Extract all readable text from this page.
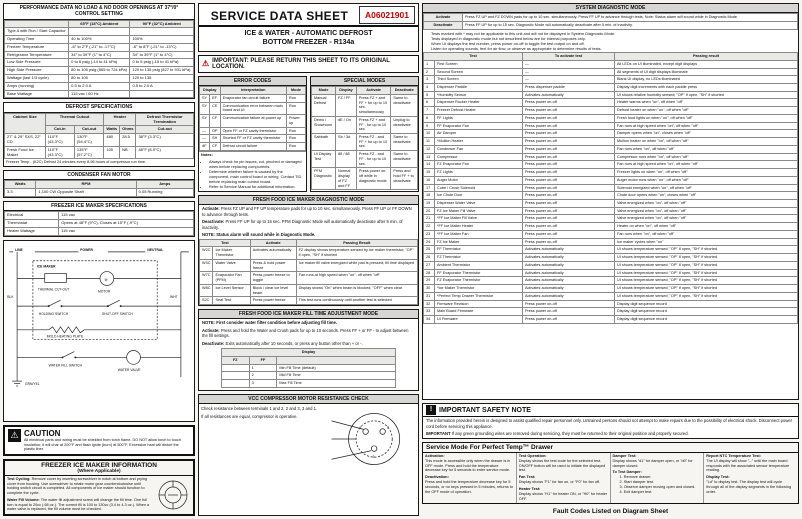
PERFORMANCE DATA NO LOAD & NO DOOR OPENINGS AT 37°/0°
CONTROL SETTING
	65°F (18°C) Ambient	90°F (32°C) Ambient
Type A with Run / Start Capacitor		
Operating Time	40 to 100%	100%
Freezer Temperature	-6° to 2°F (-21° to -17°C)	-6° to 8°F (-21° to -13°C)
Refrigerator Temperature	34° to 39°F (1° to 4°C)	34° to 39°F (1° to 4°C)
Low Side Pressure	0 to 6 psig (-14 to 41 kPa)	0 to 5 psig (-15 to 41 kPa)
High Side Pressure	80 to 105 psig (565 to 724 kPa)	120 to 135 psig (827 to 931 kPa)
Wattage (last 1/3 cycle)	80 to 105	120 to 135
Amps (running)	0.5 to 2.0 A	0.5 to 2.0 A
Base Wattage	115 vac / 60 Hz	
DEFROST SPECIFICATIONS
Cabinet Size	Thermal Cutout		Heater		Defrost Thermistor Termination
	Cut-in	Cut-out	Watts	Ohms	Cut-out
27" & 29" SXS, 22" CD	110°F (43.3°C)	130°F (54.4°C)	480	28.5	38°F (3.3°C)
Fresh Food Ice Maker	110°F (43.3°C)	135°F (57.2°C)	105	NB	48°F (8.9°C)
Freezer Temp - (K2C) Defrost 24 minutes every 8-96 hours of compressor run time.
CONDENSER FAN MOTOR
Watts	RPM	Amps
3.3	1,100 CW Opposite Shaft	0.05 Running
FREEZER ICE MAKER SPECIFICATIONS
Electrical	115 vac
Thermostat	Opens at 48°F (9°C), Closes at 15°F (-9°C)
Heater Wattage	115 vac
LINE	POWER	NEUTRAL
BLK	WHT
ICE MAKER
THERMAL CUT-OUT
M
MOTOR
HOLDING SWITCH	SHUT-OFF SWITCH
MOLD HEATING PLATE
WATER FILL SWITCH
WATER VALVE
GRN/YEL
⚠ CAUTION
All electrical parts and wiring must be shielded from torch flame. DO NOT allow torch to touch insulation; it will char at 200°F and flash ignite (burn) at 500°F. Excessive heat will distort the plastic liner.
FREEZER ICE MAKER INFORMATION
(Where Applicable)
Test Cycling: Remove cover by inserting screwdriver in notch at bottom and prying cover from housing. Use screwdriver to rotate motor gear counterclockwise until holding switch circuit is completed. All components of ice maker should function to complete the cycle.
Water Fill Volume: The water fill adjustment screw will change the fill time. One full turn is equal to 20cc (.68 oz.). The correct fill is 100 to 130cc (3.4 to 4.3 oz.). When a water valve is replaced, the fill volume must be checked.
SERVICE DATA SHEET	A06021901
ICE & WATER - AUTOMATIC DEFROST
BOTTOM FREEZER - R134a
⚠ IMPORTANT: PLEASE RETURN THIS SHEET TO ITS ORIGINAL LOCATION.
ERROR CODES
Display		Interpretation	Mode
SY	EF	Evaporator fan circuit failure	Run
SY	CE	Communication error between main board and UI	Run
SY	CF	Communication failure at power up	Power up
—	OP	Open FF or FZ cavity thermistor	Run
—	SH	Shorted FF or FZ cavity thermistor	Run
dF	CF	Defrost circuit failure	Run
Notes:
• Always check for pin issues, cut, pinched or damaged wires before replacing components.
• Determine whether failure is caused by the component, main control board or wiring. Contact TID before replacing main control board.
• Refer to Service Manual for additional information.
SPECIAL MODES
Mode	Display	Activate	Deactivate
Manual Defrost	FZ / FF	Press FZ + and FF + for up to 10 sec. simultaneously	Same to deactivate
Demo / Showroom	dE / On	Press FZ + and FF - for up to 10 sec.	Unplug to deactivate
Sabbath	Sb / 3d	Press FZ - and FF + for up to 10 sec.	Same to deactivate
UI Display Test	88 / 88	Press FZ - and FF - for up to 10 sec.	Same to deactivate
PFM Diagnostic	Normal display of FZ and FF	Press power on-off while in diagnostic mode	Press and hold FF + to deactivate
FRESH FOOD ICE MAKER DIAGNOSTIC MODE
Activate: Press FZ UP and FF UP temperature pads for up to 10 sec. simultaneously. Press FF UP or FF DOWN to advance through tests.
Deactivate: Press FF UP for up to 15 sec. PFM Diagnostic Mode will automatically deactivate after 5 min. of inactivity.
NOTE: Status alarm will sound while in Diagnostic Mode.
Test		Activate	Passing Result
W2C	Ice Maker Thermistor	Activates automatically	FZ display shows temperature sensed by ice maker thermistor; "OP" if open, "SH" if shorted
W3C	Water Valve	Press & hold power freeze	Ice maker fill valve energized while pad is pressed; fill time displayed
W7C	Evaporator Fan (PFM)	Press power freeze to toggle	Fan runs at high speed when "on", off when "off"
W8C	Ice Level Sensor	Block / clear ice level beam	Display shows "On" when beam is blocked, "OFF" when clear
S2C	Seal Test	Press power freeze	This test runs continuously until another test is selected
FRESH FOOD ICE MAKER FILL TIME ADJUSTMENT MODE
NOTE: First consider water filter condition before adjusting fill time.
Activate: Press and hold the Water and Crush pads for up to 10 seconds. Press FF + or FF - to adjust between the fill settings.
Deactivate: Exits automatically after 10 seconds, or press any button other than + or -.
Display		
FZ	FF	
	1	Min Fill Time (default)
	2	Mid Fill Time
	3	Max Fill Time
VCC COMPRESSOR MOTOR RESISTANCE CHECK
Check resistance between terminals 1 and 2, 2 and 3, 3 and 1.
If all resistances are equal, compressor is operative.
1	2
3
SYSTEM DIAGNOSTIC MODE
Activate	Press FZ UP and FZ DOWN pads for up to 10 sec. simultaneously. Press FF UP to advance through tests. Note: Status alarm will sound while in Diagnostic Mode.
Deactivate	Press FF UP for up to 15 sec. Diagnostic Mode will automatically deactivate after 5 min. of inactivity.
• Tests marked with * may not be applicable to this unit and will not be displayed in System Diagnostic Mode.
• Tests displayed in diagnostic mode but not described below are for internal purposes only.
• When UI displays the test number, press power on-off to toggle the test output on and off.
• Listen for operating sounds, feel for air flow, or observe as appropriate to determine results of tests.
Test		To activate test	Passing result
1	First Screen	—	All LEDs on UI illuminated, except digit displays
2	Second Screen	—	All segments of UI digit displays illuminate
3	Third Screen	—	Blank UI display, no LEDs illuminated
4	Dispenser Paddle	Press dispenser paddle	Display digit increments with each paddle press
5	*Humidity Sensor	Activates automatically	UI shows relative humidity sensed; "OP" if open, "SH" if shorted
6	Dispenser Rocker Heater	Press power on-off	Heater warms when "on", off when "off"
7	Freezer Defrost Heater	Press power on-off	Defrost heater on when "on", off when "off"
8	FF Lights	Press power on-off	Fresh food lights on when "on", off when "off"
9	FF Evaporator Fan	Press power on-off	Fan runs at high speed when "on", off when "off"
10	Air Damper	Press power on-off	Damper opens when "on", closes when "off"
11	*Mullion Heater	Press power on-off	Mullion heater on when "on", off when "off"
12	Condenser Fan	Press power on-off	Fan runs when "on", off when "off"
13	Compressor	Press power on-off	Compressor runs when "on", off when "off"
14	FZ Evaporator Fan	Press power on-off	Fan runs at high speed when "on", off when "off"
15	FZ Lights	Press power on-off	Freezer lights on when "on", off when "off"
16	Auger Motor	Press power on-off	Auger motor runs when "on", off when "off"
17	Cube / Crush Solenoid	Press power on-off	Solenoid energized when "on", off when "off"
18	Ice Chute Door	Press power on-off	Chute door opens when "on", closes when "off"
19	Dispenser Water Valve	Press power on-off	Valve energized when "on", off when "off"
20	FZ Ice Maker Fill Valve	Press power on-off	Valve energized when "on", off when "off"
21	*FF Ice Maker Fill Valve	Press power on-off	Valve energized when "on", off when "off"
22	*FF Ice Maker Heater	Press power on-off	Heater on when "on", off when "off"
23	*FF Ice Maker Fan	Press power on-off	Fan runs when "on", off when "off"
24	FZ Ice Maker	Press power on-off	Ice maker cycles when "on"
25	FF Thermistor	Activates automatically	UI shows temperature sensed; "OP" if open, "SH" if shorted
26	FZ Thermistor	Activates automatically	UI shows temperature sensed; "OP" if open, "SH" if shorted
27	Ambient Thermistor	Activates automatically	UI shows temperature sensed; "OP" if open, "SH" if shorted
28	FF Evaporator Thermistor	Activates automatically	UI shows temperature sensed; "OP" if open, "SH" if shorted
29	FZ Evaporator Thermistor	Activates automatically	UI shows temperature sensed; "OP" if open, "SH" if shorted
30	*Ice Maker Thermistor	Activates automatically	UI shows temperature sensed; "OP" if open, "SH" if shorted
31	*Perfect Temp Drawer Thermistor	Activates automatically	UI shows temperature sensed; "OP" if open, "SH" if shorted
32	Firmware Revision	Press power on-off	Display digit sequence record
33	Main Board Firmware	Press power on-off	Display digit sequence record
34	UI Firmware	Press power on-off	Display digit sequence record
! IMPORTANT SAFETY NOTE
The information provided herein is designed to assist qualified repair personnel only. Untrained persons should not attempt to make repairs due to the possibility of electrical shock. Disconnect power cord before servicing this appliance.
IMPORTANT If any green grounding wires are removed during servicing, they must be returned to their original position and properly secured.
Service Mode For Perfect Temp™ Drawer
Activation:
This mode is accessible only when the drawer is in OFF mode. Press and hold the temperature decrease key for 5 seconds to enter service mode.
Deactivation:
Press and hold the temperature decrease key for 5 seconds, or no keys pressed in 5 minutes, returns to the OFF mode of operation.
Test Operation:
Display shows the test code for the selected test. ON/OFF button will be used to initiate the displayed test.
Fan Test:
Display shows "F1" for fan on, or "F0" for fan off.
Heater Test:
Display shows "H1" for heater ON, or "H0" for heater OFF.
Damper Test:
Display shows "d1" for damper open, or "d0" for damper closed.
To Test Damper:
1. Remove drawer.
2. Start damper test.
3. Observe damper moving open and closed.
4. Exit damper test.
Report NTC Temperature Test:
The UI display will show "--" until the main board responds with the associated sensor temperature reading.
Display Test:
"Ld" to display test. The display test will cycle through all of the display segments in the following order.
Fault Codes Listed on Diagram Sheet
